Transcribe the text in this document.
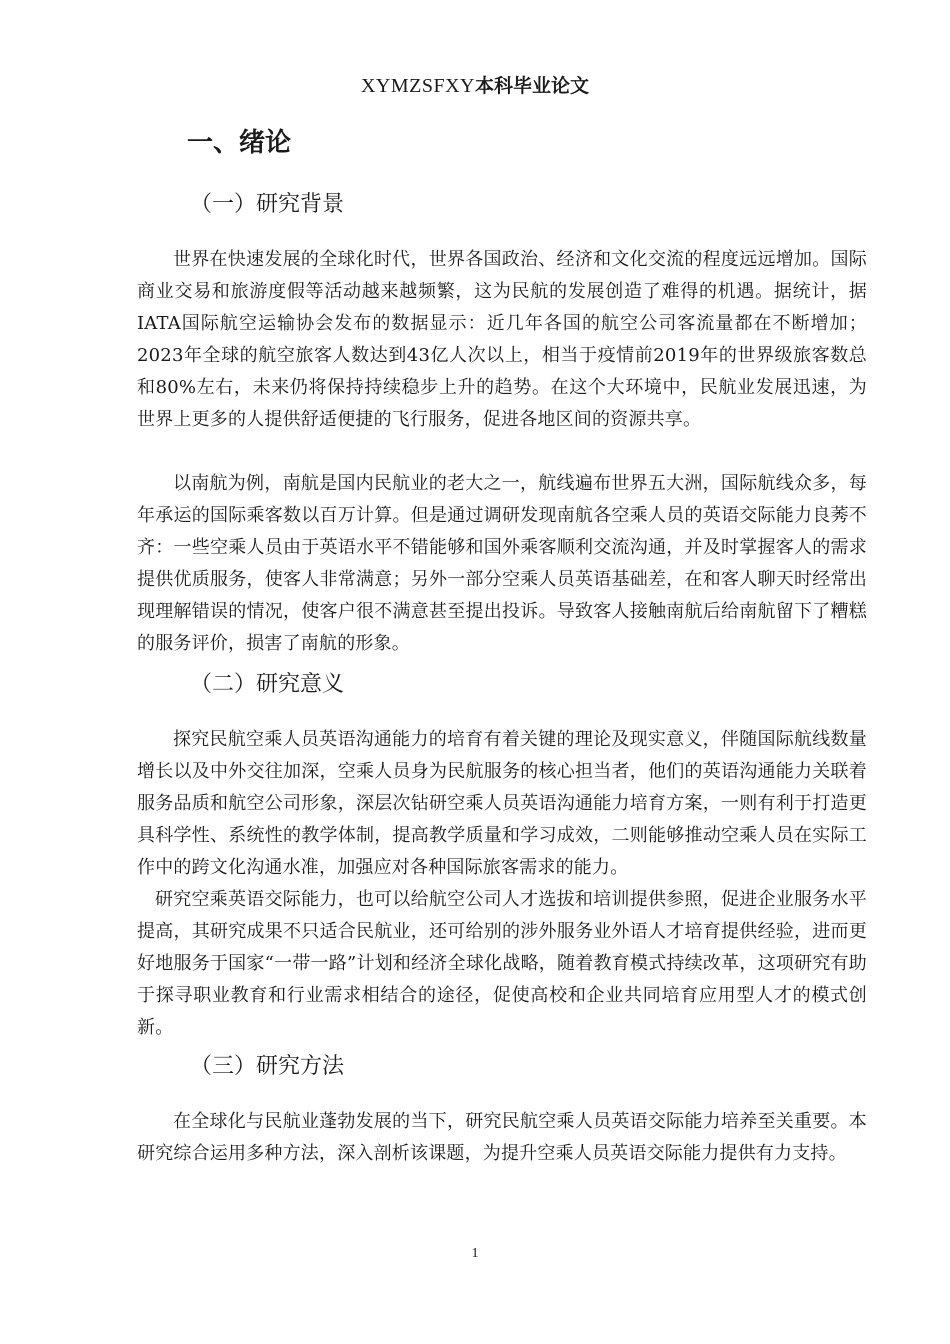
XYMZSFXY本科毕业论文
一、绪论
（一）研究背景

世界在快速发展的全球化时代，世界各国政治、经济和文化交流的程度远远增加。国际商业交易和旅游度假等活动越来越频繁，这为民航的发展创造了难得的机遇。据统计，据IATA国际航空运输协会发布的数据显示：近几年各国的航空公司客流量都在不断增加；2023年全球的航空旅客人数达到43亿人次以上，相当于疫情前2019年的世界级旅客数总和80%左右，未来仍将保持持续稳步上升的趋势。在这个大环境中，民航业发展迅速，为世界上更多的人提供舒适便捷的飞行服务，促进各地区间的资源共享。

以南航为例，南航是国内民航业的老大之一，航线遍布世界五大洲，国际航线众多，每年承运的国际乘客数以百万计算。但是通过调研发现南航各空乘人员的英语交际能力良莠不齐：一些空乘人员由于英语水平不错能够和国外乘客顺利交流沟通，并及时掌握客人的需求提供优质服务，使客人非常满意；另外一部分空乘人员英语基础差，在和客人聊天时经常出现理解错误的情况，使客户很不满意甚至提出投诉。导致客人接触南航后给南航留下了糟糕的服务评价，损害了南航的形象。

（二）研究意义

探究民航空乘人员英语沟通能力的培育有着关键的理论及现实意义，伴随国际航线数量增长以及中外交往加深，空乘人员身为民航服务的核心担当者，他们的英语沟通能力关联着服务品质和航空公司形象，深层次钻研空乘人员英语沟通能力培育方案，一则有利于打造更具科学性、系统性的教学体制，提高教学质量和学习成效，二则能够推动空乘人员在实际工作中的跨文化沟通水准，加强应对各种国际旅客需求的能力。

研究空乘英语交际能力，也可以给航空公司人才选拔和培训提供参照，促进企业服务水平提高，其研究成果不只适合民航业，还可给别的涉外服务业外语人才培育提供经验，进而更好地服务于国家“一带一路”计划和经济全球化战略，随着教育模式持续改革，这项研究有助于探寻职业教育和行业需求相结合的途径，促使高校和企业共同培育应用型人才的模式创新。

（三）研究方法

在全球化与民航业蓬勃发展的当下，研究民航空乘人员英语交际能力培养至关重要。本研究综合运用多种方法，深入剖析该课题，为提升空乘人员英语交际能力提供有力支持。

1
